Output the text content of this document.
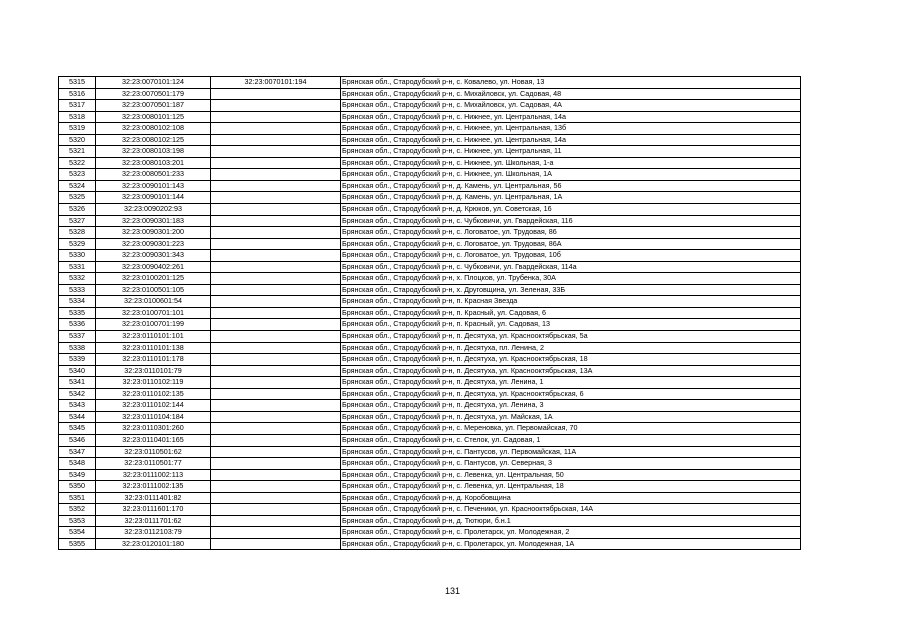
5315	32:23:0070101:124	32:23:0070101:194	Брянская обл., Стародубский р-н, с. Ковалево, ул. Новая, 13
5316	32:23:0070501:179		Брянская обл., Стародубский р-н, с. Михайловск, ул. Садовая, 48
5317	32:23:0070501:187		Брянская обл., Стародубский р-н, с. Михайловск, ул. Садовая, 4А
5318	32:23:0080101:125		Брянская обл., Стародубский р-н, с. Нижнее, ул. Центральная, 14а
5319	32:23:0080102:108		Брянская обл., Стародубский р-н, с. Нижнее, ул. Центральная, 13б
5320	32:23:0080102:125		Брянская обл., Стародубский р-н, с. Нижнее, ул. Центральная, 14а
5321	32:23:0080103:198		Брянская обл., Стародубский р-н, с. Нижнее, ул. Центральная, 11
5322	32:23:0080103:201		Брянская обл., Стародубский р-н, с. Нижнее, ул. Школьная, 1-а
5323	32:23:0080501:233		Брянская обл., Стародубский р-н, с. Нижнее, ул. Школьная, 1А
5324	32:23:0090101:143		Брянская обл., Стародубский р-н, д. Камень, ул. Центральная, 56
5325	32:23:0090101:144		Брянская обл., Стародубский р-н, д. Камень, ул. Центральная, 1А
5326	32:23:0090202:93		Брянская обл., Стародубский р-н, д. Крюков, ул. Советская, 16
5327	32:23:0090301:183		Брянская обл., Стародубский р-н, с. Чубковичи, ул. Гвардейская, 116
5328	32:23:0090301:200		Брянская обл., Стародубский р-н, с. Логоватое, ул. Трудовая, 86
5329	32:23:0090301:223		Брянская обл., Стародубский р-н, с. Логоватое, ул. Трудовая, 86А
5330	32:23:0090301:343		Брянская обл., Стародубский р-н, с. Логоватое, ул. Трудовая, 10б
5331	32:23:0090402:261		Брянская обл., Стародубский р-н, с. Чубковичи, ул. Гвардейская, 114а
5332	32:23:0100201:125		Брянская обл., Стародубский р-н, х. Плоцков, ул. Трубенка, 30А
5333	32:23:0100501:105		Брянская обл., Стародубский р-н, х. Друговщина, ул. Зеленая, 33Б
5334	32:23:0100601:54		Брянская обл., Стародубский р-н, п. Красная Звезда
5335	32:23:0100701:101		Брянская обл., Стародубский р-н, п. Красный, ул. Садовая, 6
5336	32:23:0100701:199		Брянская обл., Стародубский р-н, п. Красный, ул. Садовая, 13
5337	32:23:0110101:101		Брянская обл., Стародубский р-н, п. Десятуха, ул. Краснооктябрьская, 5а
5338	32:23:0110101:138		Брянская обл., Стародубский р-н, п. Десятуха, пл. Ленина, 2
5339	32:23:0110101:178		Брянская обл., Стародубский р-н, п. Десятуха, ул. Краснооктябрьская, 18
5340	32:23:0110101:79		Брянская обл., Стародубский р-н, п. Десятуха, ул. Краснооктябрьская, 13А
5341	32:23:0110102:119		Брянская обл., Стародубский р-н, п. Десятуха, ул. Ленина, 1
5342	32:23:0110102:135		Брянская обл., Стародубский р-н, п. Десятуха, ул. Краснооктябрьская, 6
5343	32:23:0110102:144		Брянская обл., Стародубский р-н, п. Десятуха, ул. Ленина, 3
5344	32:23:0110104:184		Брянская обл., Стародубский р-н, п. Десятуха, ул. Майская, 1А
5345	32:23:0110301:260		Брянская обл., Стародубский р-н, с. Мереновка, ул. Первомайская, 70
5346	32:23:0110401:165		Брянская обл., Стародубский р-н, с. Стелок, ул. Садовая, 1
5347	32:23:0110501:62		Брянская обл., Стародубский р-н, с. Пантусов, ул. Первомайская, 11А
5348	32:23:0110501:77		Брянская обл., Стародубский р-н, с. Пантусов, ул. Северная, 3
5349	32:23:0111002:113		Брянская обл., Стародубский р-н, с. Левенка, ул. Центральная, 50
5350	32:23:0111002:135		Брянская обл., Стародубский р-н, с. Левенка, ул. Центральная, 18
5351	32:23:0111401:82		Брянская обл., Стародубский р-н, д. Коробовщина
5352	32:23:0111601:170		Брянская обл., Стародубский р-н, с. Печеники, ул. Краснооктябрьская, 14А
5353	32:23:0111701:62		Брянская обл., Стародубский р-н, д. Тютюри, б.н.1
5354	32:23:0112103:79		Брянская обл., Стародубский р-н, с. Пролетарск, ул. Молодежная, 2
5355	32:23:0120101:180		Брянская обл., Стародубский р-н, с. Пролетарск, ул. Молодежная, 1А
131
